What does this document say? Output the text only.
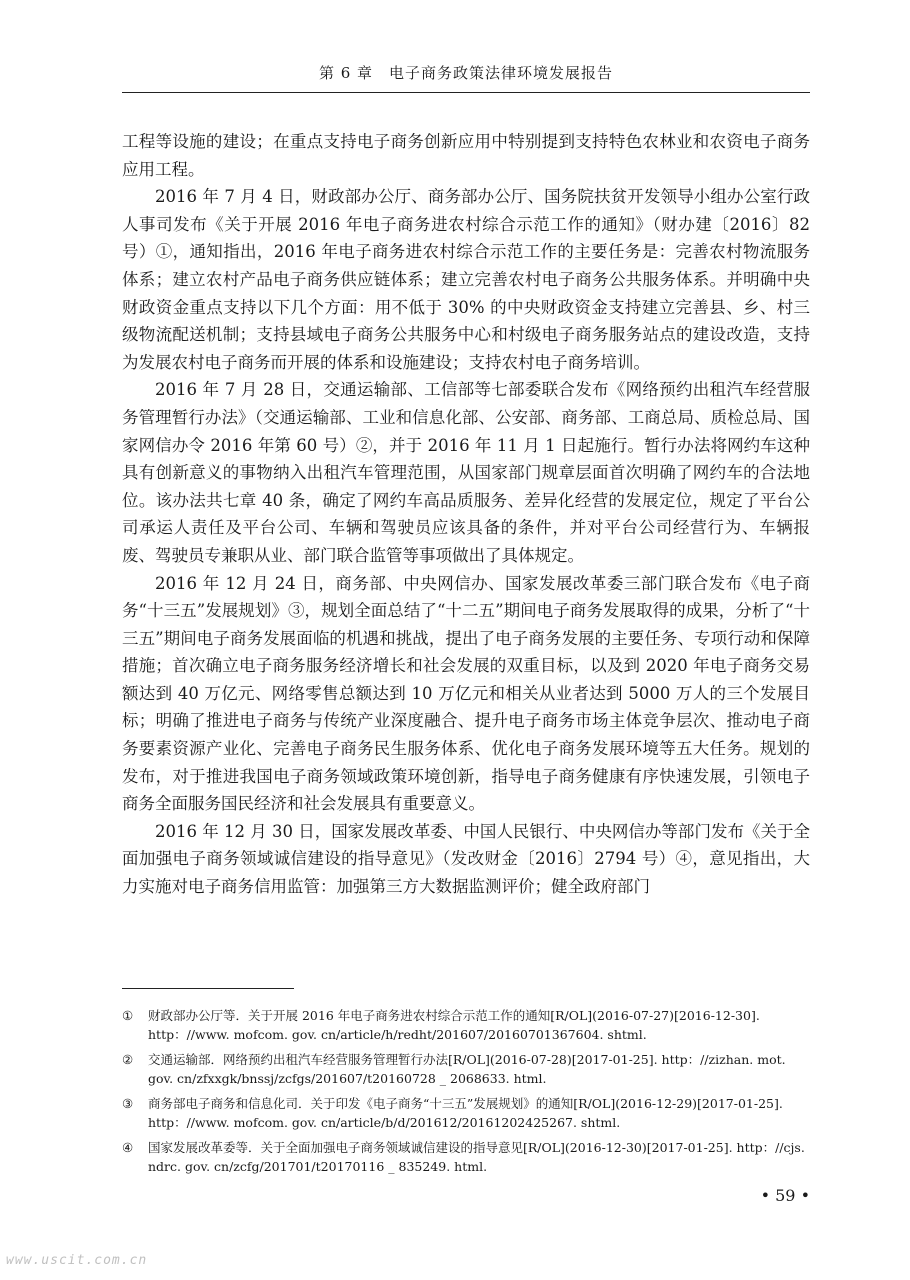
第 6 章　电子商务政策法律环境发展报告

工程等设施的建设；在重点支持电子商务创新应用中特别提到支持特色农林业和农资电子商务应用工程。

2016 年 7 月 4 日，财政部办公厅、商务部办公厅、国务院扶贫开发领导小组办公室行政人事司发布《关于开展 2016 年电子商务进农村综合示范工作的通知》（财办建〔2016〕82 号）①，通知指出，2016 年电子商务进农村综合示范工作的主要任务是：完善农村物流服务体系；建立农村产品电子商务供应链体系；建立完善农村电子商务公共服务体系。并明确中央财政资金重点支持以下几个方面：用不低于 30% 的中央财政资金支持建立完善县、乡、村三级物流配送机制；支持县域电子商务公共服务中心和村级电子商务服务站点的建设改造，支持为发展农村电子商务而开展的体系和设施建设；支持农村电子商务培训。

2016 年 7 月 28 日，交通运输部、工信部等七部委联合发布《网络预约出租汽车经营服务管理暂行办法》（交通运输部、工业和信息化部、公安部、商务部、工商总局、质检总局、国家网信办令 2016 年第 60 号）②，并于 2016 年 11 月 1 日起施行。暂行办法将网约车这种具有创新意义的事物纳入出租汽车管理范围，从国家部门规章层面首次明确了网约车的合法地位。该办法共七章 40 条，确定了网约车高品质服务、差异化经营的发展定位，规定了平台公司承运人责任及平台公司、车辆和驾驶员应该具备的条件，并对平台公司经营行为、车辆报废、驾驶员专兼职从业、部门联合监管等事项做出了具体规定。

2016 年 12 月 24 日，商务部、中央网信办、国家发展改革委三部门联合发布《电子商务“十三五”发展规划》③，规划全面总结了“十二五”期间电子商务发展取得的成果，分析了“十三五”期间电子商务发展面临的机遇和挑战，提出了电子商务发展的主要任务、专项行动和保障措施；首次确立电子商务服务经济增长和社会发展的双重目标，以及到 2020 年电子商务交易额达到 40 万亿元、网络零售总额达到 10 万亿元和相关从业者达到 5000 万人的三个发展目标；明确了推进电子商务与传统产业深度融合、提升电子商务市场主体竞争层次、推动电子商务要素资源产业化、完善电子商务民生服务体系、优化电子商务发展环境等五大任务。规划的发布，对于推进我国电子商务领域政策环境创新，指导电子商务健康有序快速发展，引领电子商务全面服务国民经济和社会发展具有重要意义。

2016 年 12 月 30 日，国家发展改革委、中国人民银行、中央网信办等部门发布《关于全面加强电子商务领域诚信建设的指导意见》（发改财金〔2016〕2794 号）④，意见指出，大力实施对电子商务信用监管：加强第三方大数据监测评价；健全政府部门

①	财政部办公厅等．关于开展 2016 年电子商务进农村综合示范工作的通知[R/OL](2016-07-27)[2016-12-30]. http：//www. mofcom. gov. cn/article/h/redht/201607/20160701367604. shtml.
②	交通运输部．网络预约出租汽车经营服务管理暂行办法[R/OL](2016-07-28)[2017-01-25]. http：//zizhan. mot. gov. cn/zfxxgk/bnssj/zcfgs/201607/t20160728 _ 2068633. html.
③	商务部电子商务和信息化司．关于印发《电子商务“十三五”发展规划》的通知[R/OL](2016-12-29)[2017-01-25]. http：//www. mofcom. gov. cn/article/b/d/201612/20161202425267. shtml.
④	国家发展改革委等．关于全面加强电子商务领域诚信建设的指导意见[R/OL](2016-12-30)[2017-01-25]. http：//cjs. ndrc. gov. cn/zcfg/201701/t20170116 _ 835249. html.
• 59 •
www.uscit.com.cn
